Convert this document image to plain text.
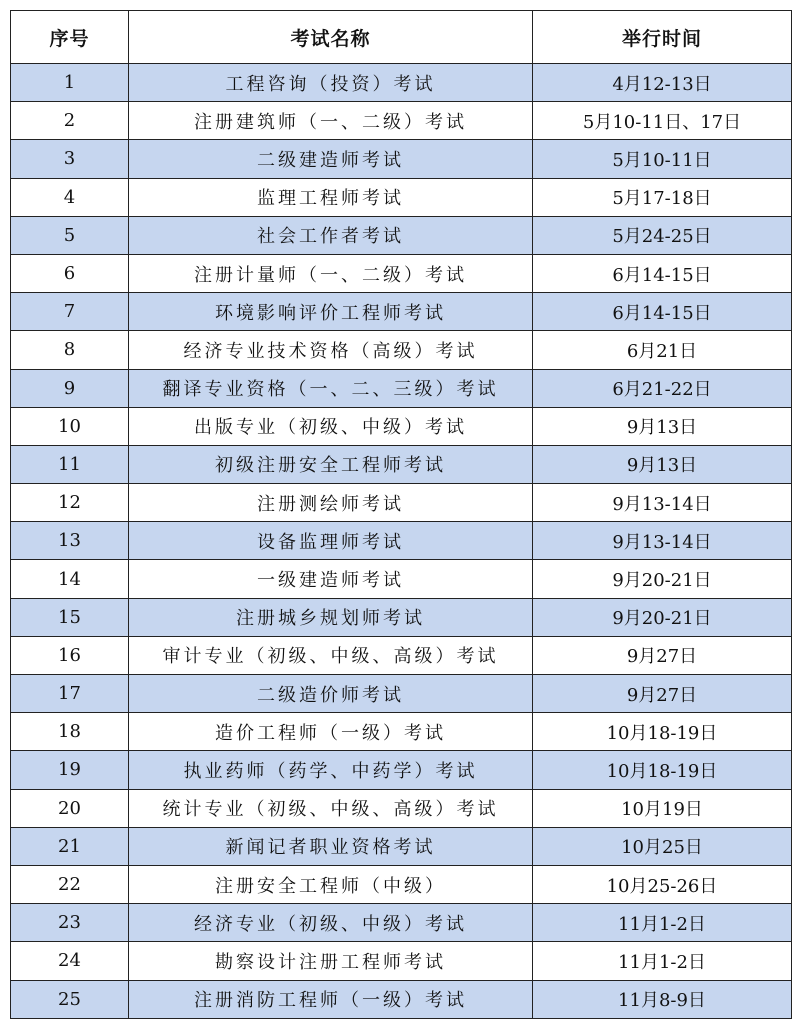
序号	考试名称	举行时间
1	工程咨询（投资）考试	4月12-13日
2	注册建筑师（一、二级）考试	5月10-11日、17日
3	二级建造师考试	5月10-11日
4	监理工程师考试	5月17-18日
5	社会工作者考试	5月24-25日
6	注册计量师（一、二级）考试	6月14-15日
7	环境影响评价工程师考试	6月14-15日
8	经济专业技术资格（高级）考试	6月21日
9	翻译专业资格（一、二、三级）考试	6月21-22日
10	出版专业（初级、中级）考试	9月13日
11	初级注册安全工程师考试	9月13日
12	注册测绘师考试	9月13-14日
13	设备监理师考试	9月13-14日
14	一级建造师考试	9月20-21日
15	注册城乡规划师考试	9月20-21日
16	审计专业（初级、中级、高级）考试	9月27日
17	二级造价师考试	9月27日
18	造价工程师（一级）考试	10月18-19日
19	执业药师（药学、中药学）考试	10月18-19日
20	统计专业（初级、中级、高级）考试	10月19日
21	新闻记者职业资格考试	10月25日
22	注册安全工程师（中级）	10月25-26日
23	经济专业（初级、中级）考试	11月1-2日
24	勘察设计注册工程师考试	11月1-2日
25	注册消防工程师（一级）考试	11月8-9日
